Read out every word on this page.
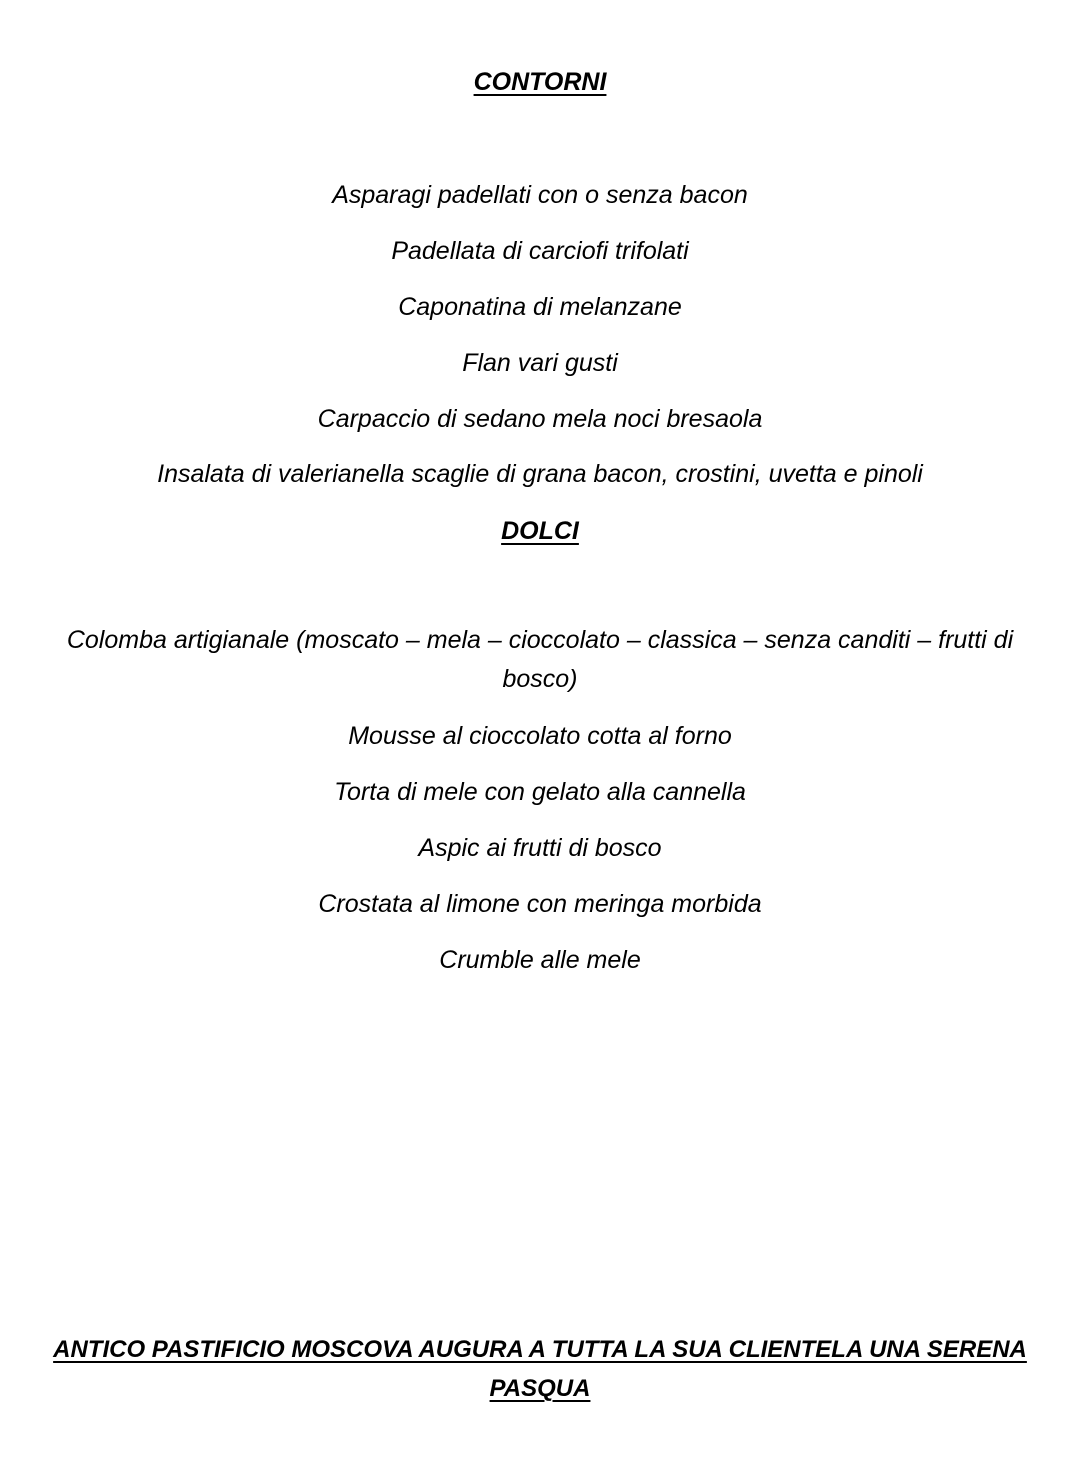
CONTORNI

Asparagi padellati con o senza bacon

Padellata di carciofi trifolati

Caponatina di melanzane

Flan vari gusti

Carpaccio di sedano mela noci bresaola

Insalata di valerianella scaglie di grana bacon, crostini, uvetta e pinoli

DOLCI

Colomba artigianale (moscato – mela – cioccolato – classica – senza canditi – frutti di bosco)

Mousse al cioccolato cotta al forno

Torta di mele con gelato alla cannella

Aspic ai frutti di bosco

Crostata al limone con meringa morbida

Crumble alle mele

ANTICO PASTIFICIO MOSCOVA AUGURA A TUTTA LA SUA CLIENTELA UNA SERENA PASQUA
